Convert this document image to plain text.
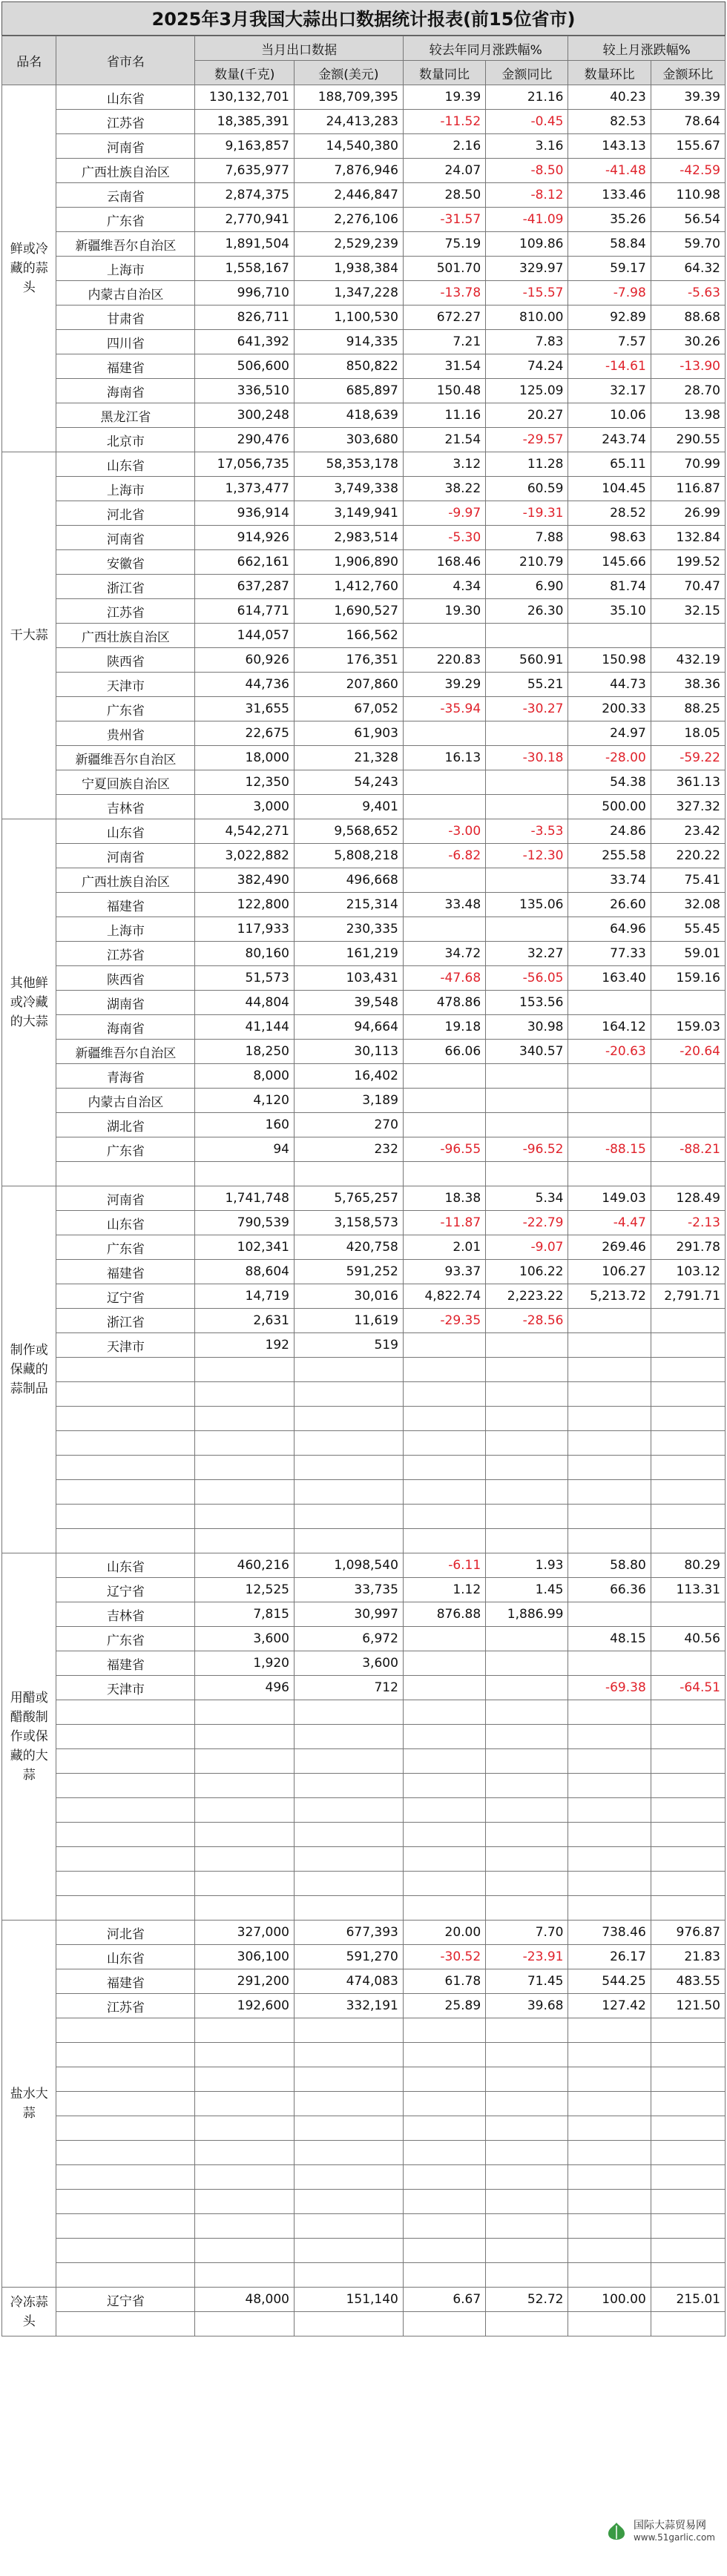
2025年3月我国大蒜出口数据统计报表(前15位省市)
品名	省市名	当月出口数据		较去年同月涨跌幅%		较上月涨跌幅%	
		数量(千克)	金额(美元)	数量同比	金额同比	数量环比	金额环比
鲜或冷藏的蒜头	山东省	130,132,701	188,709,395	19.39	21.16	40.23	39.39
	江苏省	18,385,391	24,413,283	-11.52	-0.45	82.53	78.64
	河南省	9,163,857	14,540,380	2.16	3.16	143.13	155.67
	广西壮族自治区	7,635,977	7,876,946	24.07	-8.50	-41.48	-42.59
	云南省	2,874,375	2,446,847	28.50	-8.12	133.46	110.98
	广东省	2,770,941	2,276,106	-31.57	-41.09	35.26	56.54
	新疆维吾尔自治区	1,891,504	2,529,239	75.19	109.86	58.84	59.70
	上海市	1,558,167	1,938,384	501.70	329.97	59.17	64.32
	内蒙古自治区	996,710	1,347,228	-13.78	-15.57	-7.98	-5.63
	甘肃省	826,711	1,100,530	672.27	810.00	92.89	88.68
	四川省	641,392	914,335	7.21	7.83	7.57	30.26
	福建省	506,600	850,822	31.54	74.24	-14.61	-13.90
	海南省	336,510	685,897	150.48	125.09	32.17	28.70
	黑龙江省	300,248	418,639	11.16	20.27	10.06	13.98
	北京市	290,476	303,680	21.54	-29.57	243.74	290.55
干大蒜	山东省	17,056,735	58,353,178	3.12	11.28	65.11	70.99
	上海市	1,373,477	3,749,338	38.22	60.59	104.45	116.87
	河北省	936,914	3,149,941	-9.97	-19.31	28.52	26.99
	河南省	914,926	2,983,514	-5.30	7.88	98.63	132.84
	安徽省	662,161	1,906,890	168.46	210.79	145.66	199.52
	浙江省	637,287	1,412,760	4.34	6.90	81.74	70.47
	江苏省	614,771	1,690,527	19.30	26.30	35.10	32.15
	广西壮族自治区	144,057	166,562				
	陕西省	60,926	176,351	220.83	560.91	150.98	432.19
	天津市	44,736	207,860	39.29	55.21	44.73	38.36
	广东省	31,655	67,052	-35.94	-30.27	200.33	88.25
	贵州省	22,675	61,903			24.97	18.05
	新疆维吾尔自治区	18,000	21,328	16.13	-30.18	-28.00	-59.22
	宁夏回族自治区	12,350	54,243			54.38	361.13
	吉林省	3,000	9,401			500.00	327.32
其他鲜或冷藏的大蒜	山东省	4,542,271	9,568,652	-3.00	-3.53	24.86	23.42
	河南省	3,022,882	5,808,218	-6.82	-12.30	255.58	220.22
	广西壮族自治区	382,490	496,668			33.74	75.41
	福建省	122,800	215,314	33.48	135.06	26.60	32.08
	上海市	117,933	230,335			64.96	55.45
	江苏省	80,160	161,219	34.72	32.27	77.33	59.01
	陕西省	51,573	103,431	-47.68	-56.05	163.40	159.16
	湖南省	44,804	39,548	478.86	153.56		
	海南省	41,144	94,664	19.18	30.98	164.12	159.03
	新疆维吾尔自治区	18,250	30,113	66.06	340.57	-20.63	-20.64
	青海省	8,000	16,402				
	内蒙古自治区	4,120	3,189				
	湖北省	160	270				
	广东省	94	232	-96.55	-96.52	-88.15	-88.21

制作或保藏的蒜制品	河南省	1,741,748	5,765,257	18.38	5.34	149.03	128.49
	山东省	790,539	3,158,573	-11.87	-22.79	-4.47	-2.13
	广东省	102,341	420,758	2.01	-9.07	269.46	291.78
	福建省	88,604	591,252	93.37	106.22	106.27	103.12
	辽宁省	14,719	30,016	4,822.74	2,223.22	5,213.72	2,791.71
	浙江省	2,631	11,619	-29.35	-28.56		
	天津市	192	519				

用醋或醋酸制作或保藏的大蒜	山东省	460,216	1,098,540	-6.11	1.93	58.80	80.29
	辽宁省	12,525	33,735	1.12	1.45	66.36	113.31
	吉林省	7,815	30,997	876.88	1,886.99		
	广东省	3,600	6,972			48.15	40.56
	福建省	1,920	3,600				
	天津市	496	712			-69.38	-64.51

盐水大蒜	河北省	327,000	677,393	20.00	7.70	738.46	976.87
	山东省	306,100	591,270	-30.52	-23.91	26.17	21.83
	福建省	291,200	474,083	61.78	71.45	544.25	483.55
	江苏省	192,600	332,191	25.89	39.68	127.42	121.50

冷冻蒜头	辽宁省	48,000	151,140	6.67	52.72	100.00	215.01

国际大蒜贸易网
www.51garlic.com
